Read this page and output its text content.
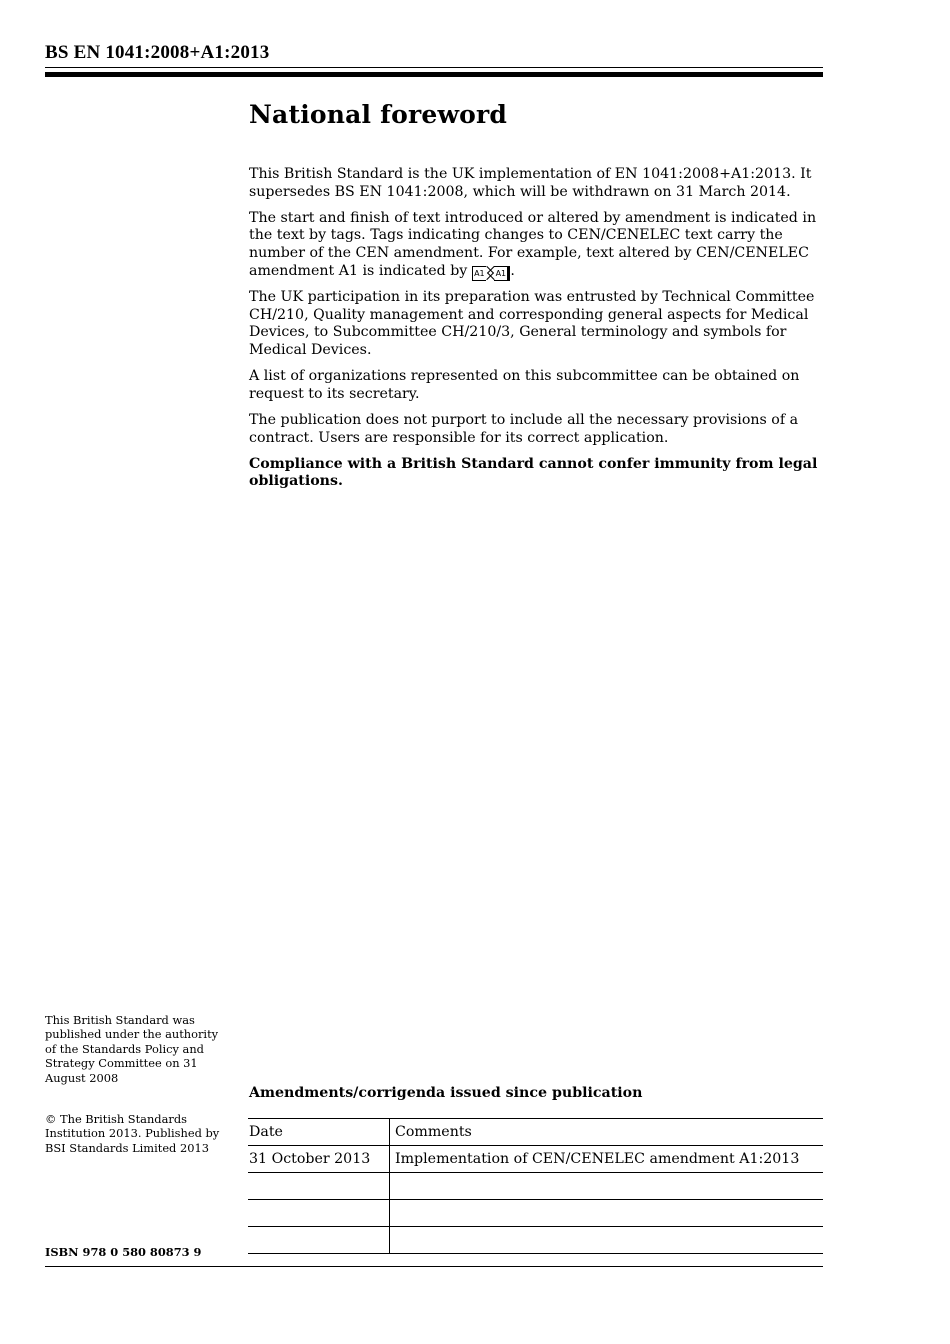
BS EN 1041:2008+A1:2013
National foreword

This British Standard is the UK implementation of EN 1041:2008+A1:2013. It supersedes BS EN 1041:2008, which will be withdrawn on 31 March 2014.

The start and finish of text introduced or altered by amendment is indicated in the text by tags. Tags indicating changes to CEN/CENELEC text carry the number of the CEN amendment. For example, text altered by CEN/CENELEC amendment A1 is indicated by A1 A1 .

The UK participation in its preparation was entrusted by Technical Committee CH/210, Quality management and corresponding general aspects for Medical Devices, to Subcommittee CH/210/3, General terminology and symbols for Medical Devices.

A list of organizations represented on this subcommittee can be obtained on request to its secretary.

The publication does not purport to include all the necessary provisions of a contract. Users are responsible for its correct application.

Compliance with a British Standard cannot confer immunity from legal obligations.

This British Standard was published under the authority of the Standards Policy and Strategy Committee on 31 August 2008
© The British Standards Institution 2013. Published by BSI Standards Limited 2013
ISBN 978 0 580 80873 9
Amendments/corrigenda issued since publication
Date	Comments
31 October 2013	Implementation of CEN/CENELEC amendment A1:2013
